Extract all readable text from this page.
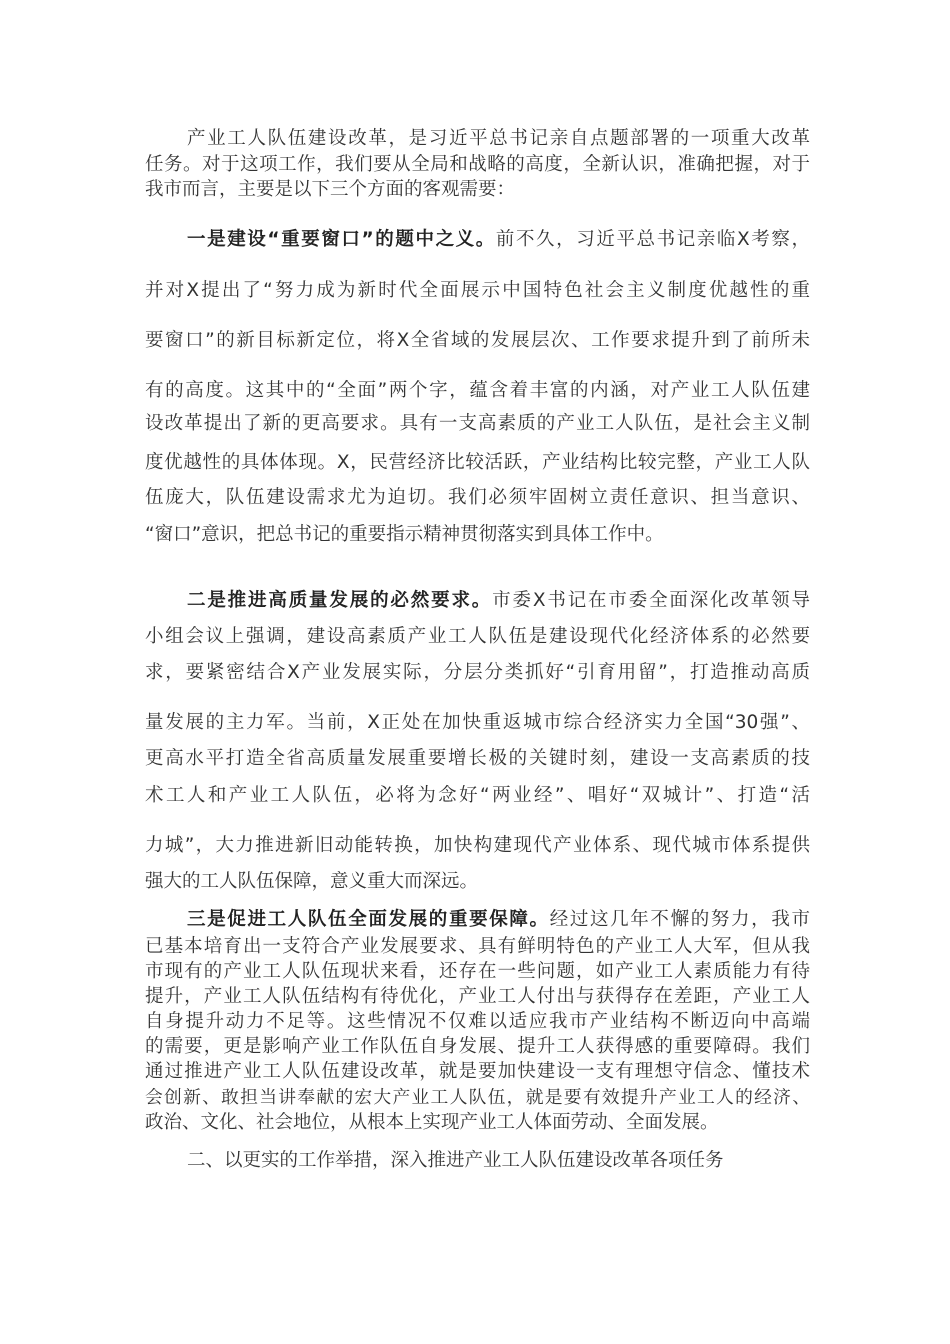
产业工人队伍建设改革，是习近平总书记亲自点题部署的一项重大改革
任务。对于这项工作，我们要从全局和战略的高度，全新认识，准确把握，对于
我市而言，主要是以下三个方面的客观需要：
一是建设“重要窗口”的题中之义。前不久，习近平总书记亲临X考察，
并对X提出了“努力成为新时代全面展示中国特色社会主义制度优越性的重
要窗口”的新目标新定位，将X全省域的发展层次、工作要求提升到了前所未
有的高度。这其中的“全面”两个字，蕴含着丰富的内涵，对产业工人队伍建
设改革提出了新的更高要求。具有一支高素质的产业工人队伍，是社会主义制
度优越性的具体体现。X，民营经济比较活跃，产业结构比较完整，产业工人队
伍庞大，队伍建设需求尤为迫切。我们必须牢固树立责任意识、担当意识、
“窗口”意识，把总书记的重要指示精神贯彻落实到具体工作中。
二是推进高质量发展的必然要求。市委X书记在市委全面深化改革领导
小组会议上强调，建设高素质产业工人队伍是建设现代化经济体系的必然要
求，要紧密结合X产业发展实际，分层分类抓好“引育用留”，打造推动高质
量发展的主力军。当前，X正处在加快重返城市综合经济实力全国“30强”、
更高水平打造全省高质量发展重要增长极的关键时刻，建设一支高素质的技
术工人和产业工人队伍，必将为念好“两业经”、唱好“双城计”、打造“活
力城”，大力推进新旧动能转换，加快构建现代产业体系、现代城市体系提供
强大的工人队伍保障，意义重大而深远。
三是促进工人队伍全面发展的重要保障。经过这几年不懈的努力，我市
已基本培育出一支符合产业发展要求、具有鲜明特色的产业工人大军，但从我
市现有的产业工人队伍现状来看，还存在一些问题，如产业工人素质能力有待
提升，产业工人队伍结构有待优化，产业工人付出与获得存在差距，产业工人
自身提升动力不足等。这些情况不仅难以适应我市产业结构不断迈向中高端
的需要，更是影响产业工作队伍自身发展、提升工人获得感的重要障碍。我们
通过推进产业工人队伍建设改革，就是要加快建设一支有理想守信念、懂技术
会创新、敢担当讲奉献的宏大产业工人队伍，就是要有效提升产业工人的经济、
政治、文化、社会地位，从根本上实现产业工人体面劳动、全面发展。
二、以更实的工作举措，深入推进产业工人队伍建设改革各项任务
